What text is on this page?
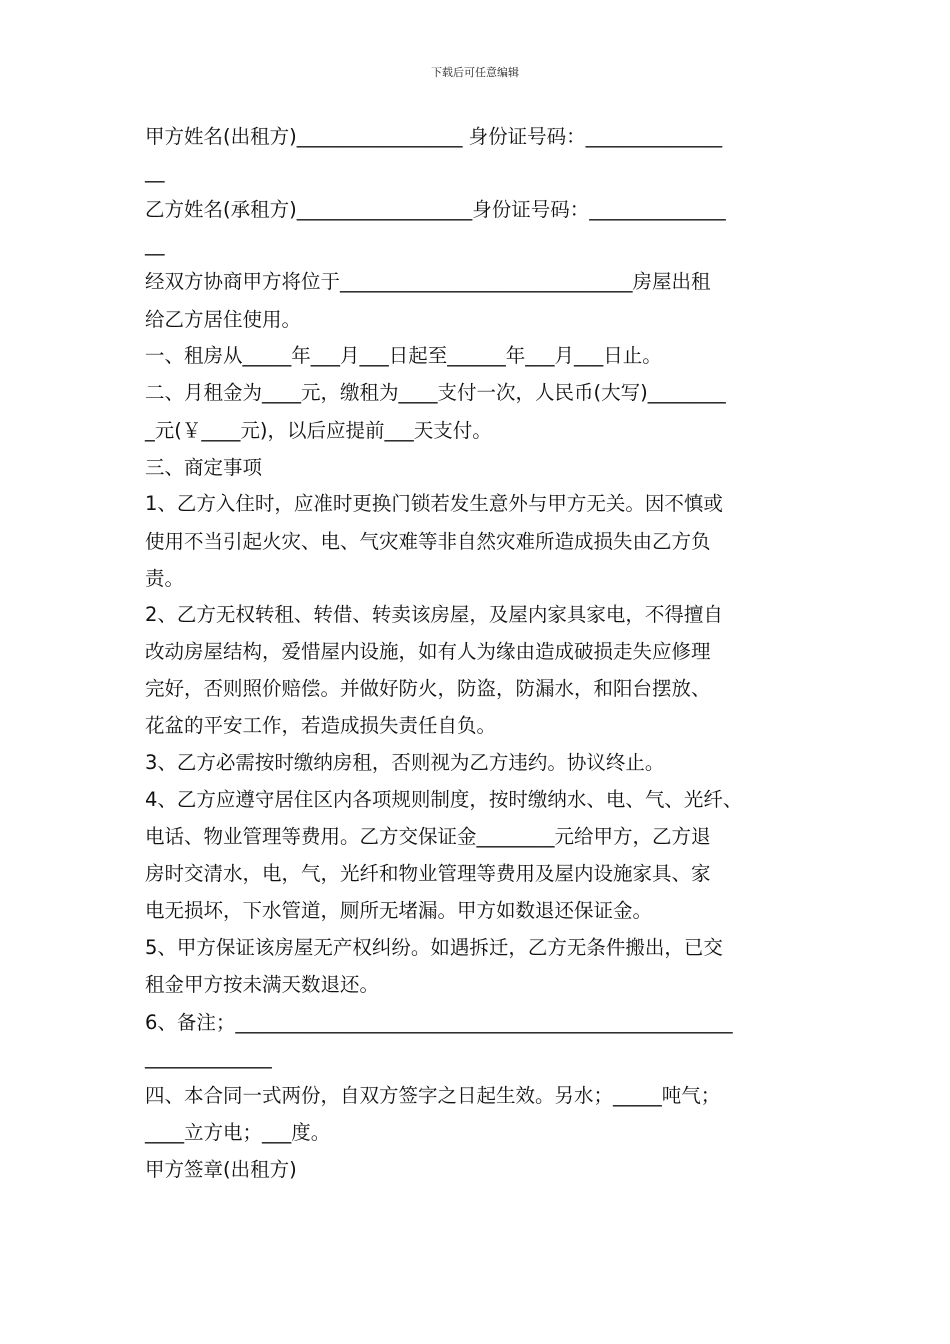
下载后可任意编辑
甲方姓名(出租方)_________________ 身份证号码：______________
__
乙方姓名(承租方)__________________身份证号码：______________
__
经双方协商甲方将位于______________________________房屋出租
给乙方居住使用。
一、租房从_____年___月___日起至______年___月___日止。
二、月租金为____元，缴租为____支付一次，人民币(大写)________
_元(￥____元)，以后应提前___天支付。
三、商定事项
1、乙方入住时，应准时更换门锁若发生意外与甲方无关。因不慎或
使用不当引起火灾、电、气灾难等非自然灾难所造成损失由乙方负
责。
2、乙方无权转租、转借、转卖该房屋，及屋内家具家电，不得擅自
改动房屋结构，爱惜屋内设施，如有人为缘由造成破损走失应修理
完好，否则照价赔偿。并做好防火，防盗，防漏水，和阳台摆放、
花盆的平安工作，若造成损失责任自负。
3、乙方必需按时缴纳房租，否则视为乙方违约。协议终止。
4、乙方应遵守居住区内各项规则制度，按时缴纳水、电、气、光纤、
电话、物业管理等费用。乙方交保证金________元给甲方，乙方退
房时交清水，电，气，光纤和物业管理等费用及屋内设施家具、家
电无损坏，下水管道，厕所无堵漏。甲方如数退还保证金。
5、甲方保证该房屋无产权纠纷。如遇拆迁，乙方无条件搬出，已交
租金甲方按未满天数退还。
6、备注；___________________________________________________
_____________
四、本合同一式两份，自双方签字之日起生效。另水；_____吨气；
____立方电；___度。
甲方签章(出租方)
